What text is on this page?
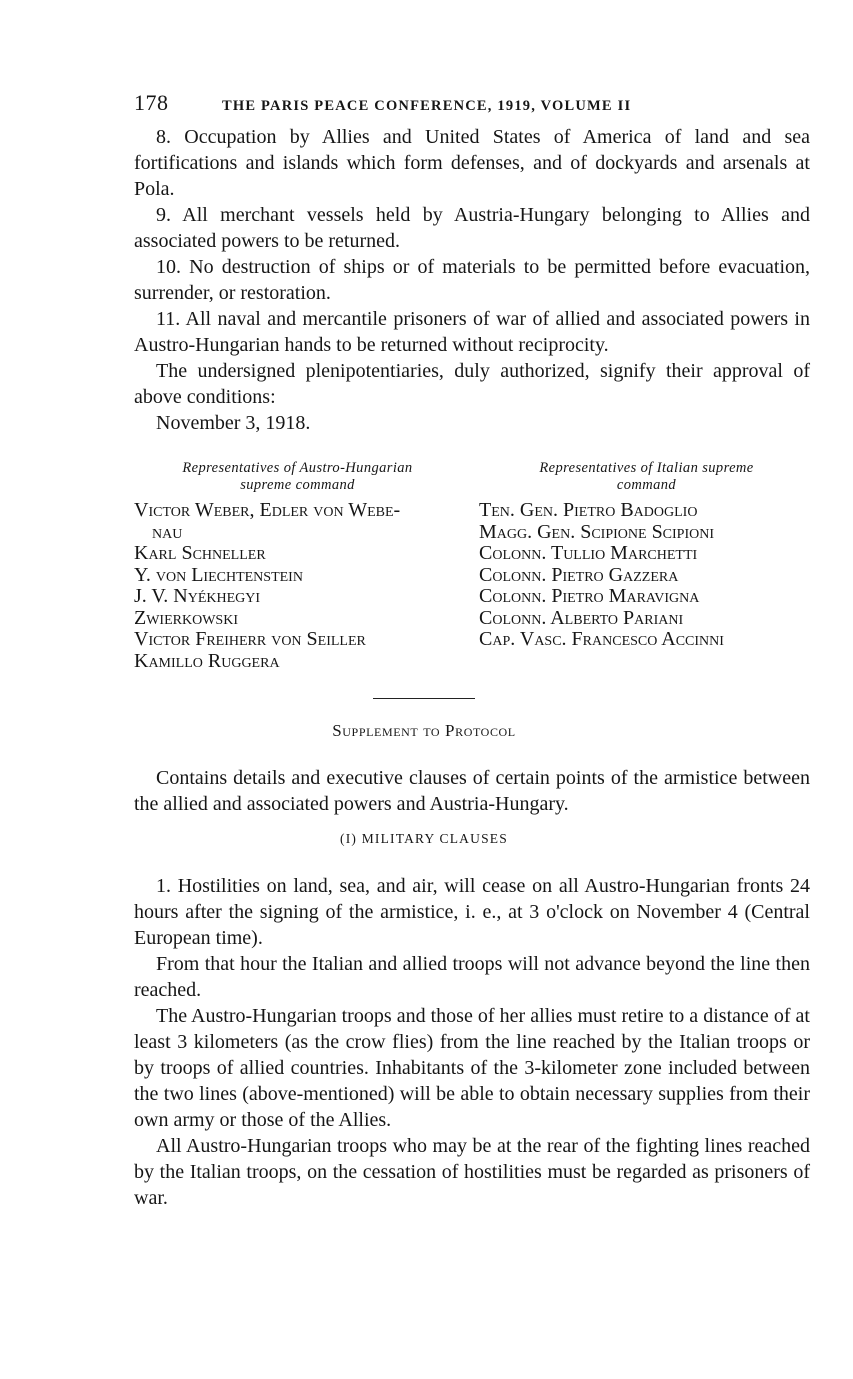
178	THE PARIS PEACE CONFERENCE, 1919, VOLUME II

8. Occupation by Allies and United States of America of land and sea fortifications and islands which form defenses, and of dockyards and arsenals at Pola.

9. All merchant vessels held by Austria-Hungary belonging to Allies and associated powers to be returned.

10. No destruction of ships or of materials to be permitted before evacuation, surrender, or restoration.

11. All naval and mercantile prisoners of war of allied and associated powers in Austro-Hungarian hands to be returned without reciprocity.

The undersigned plenipotentiaries, duly authorized, signify their approval of above conditions:

November 3, 1918.

Representatives of Austro-Hungarian
supreme command
Victor Weber, Edler von Webe-
nau
Karl Schneller
Y. von Liechtenstein
J. V. Nyékhegyi
Zwierkowski
Victor Freiherr von Seiller
Kamillo Ruggera
Representatives of Italian supreme
command
Ten. Gen. Pietro Badoglio
Magg. Gen. Scipione Scipioni
Colonn. Tullio Marchetti
Colonn. Pietro Gazzera
Colonn. Pietro Maravigna
Colonn. Alberto Pariani
Cap. Vasc. Francesco Accinni
Supplement to Protocol

Contains details and executive clauses of certain points of the armistice between the allied and associated powers and Austria-Hungary.

(I) MILITARY CLAUSES

1. Hostilities on land, sea, and air, will cease on all Austro-Hungarian fronts 24 hours after the signing of the armistice, i. e., at 3 o'clock on November 4 (Central European time).

From that hour the Italian and allied troops will not advance beyond the line then reached.

The Austro-Hungarian troops and those of her allies must retire to a distance of at least 3 kilometers (as the crow flies) from the line reached by the Italian troops or by troops of allied countries. Inhabitants of the 3-kilometer zone included between the two lines (above-mentioned) will be able to obtain necessary supplies from their own army or those of the Allies.

All Austro-Hungarian troops who may be at the rear of the fighting lines reached by the Italian troops, on the cessation of hostilities must be regarded as prisoners of war.
